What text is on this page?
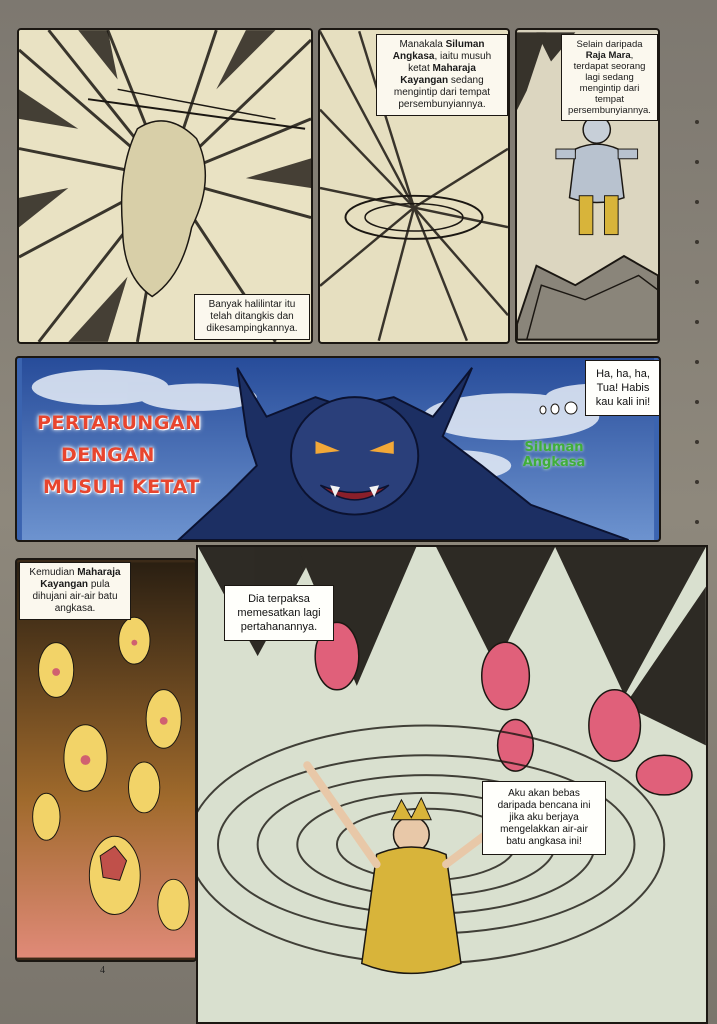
Banyak halilintar itu telah ditangkis dan dikesampingkannya.
Manakala Siluman Angkasa, iaitu musuh ketat Maharaja Kayangan sedang mengintip dari tempat persembunyiannya.
Selain daripada Raja Mara, terdapat seorang lagi sedang mengintip dari tempat persembunyiannya.
PERTARUNGAN
DENGAN
MUSUH KETAT
Siluman Angkasa
Ha, ha, ha, Tua! Habis kau kali ini!
Kemudian Maharaja Kayangan pula dihujani air-air batu angkasa.
Dia terpaksa memesatkan lagi pertahanannya.
Aku akan bebas daripada bencana ini jika aku berjaya mengelakkan air-air batu angkasa ini!
4
